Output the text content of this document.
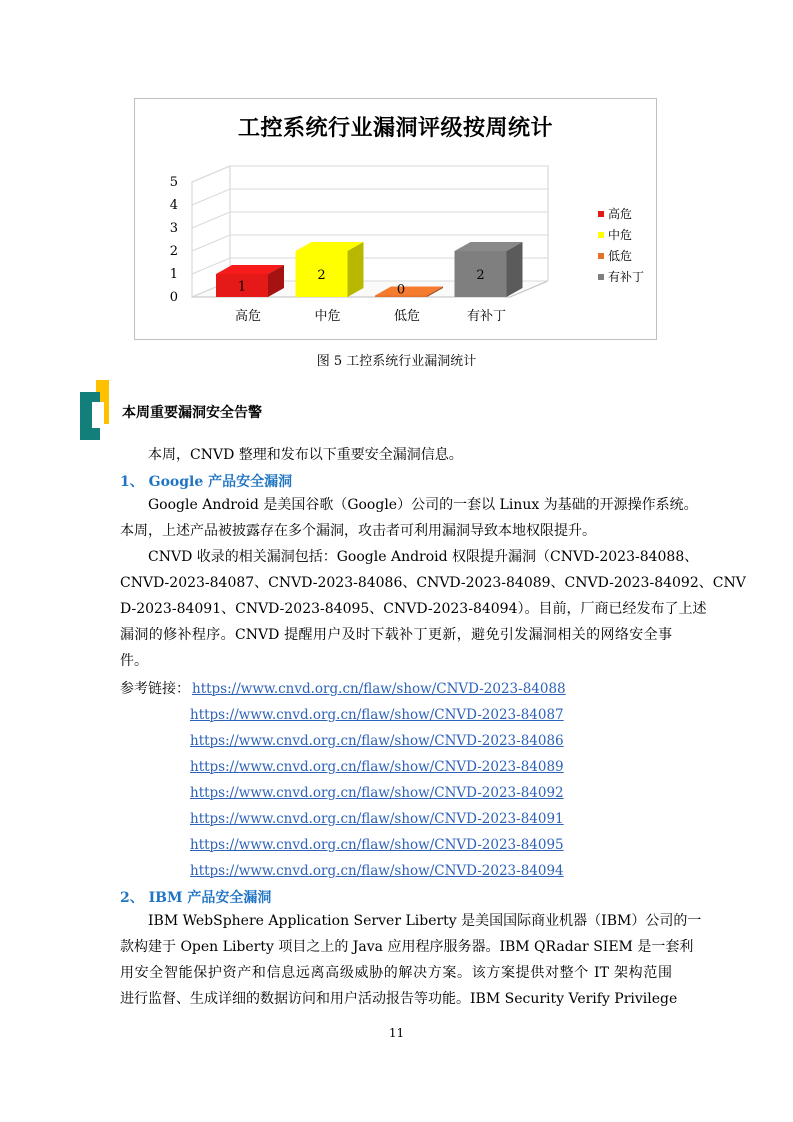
0
1
2
3
4
5
1
高危
2
中危
0
低危
2
有补丁
工控系统行业漏洞评级按周统计
高危
中危
低危
有补丁
图 5 工控系统行业漏洞统计
本周重要漏洞安全告警
本周，CNVD 整理和发布以下重要安全漏洞信息。
1、 Google 产品安全漏洞
Google Android 是美国谷歌（Google）公司的一套以 Linux 为基础的开源操作系统。
本周，上述产品被披露存在多个漏洞，攻击者可利用漏洞导致本地权限提升。
CNVD 收录的相关漏洞包括：Google Android 权限提升漏洞（CNVD-2023-84088、
CNVD-2023-84087、CNVD-2023-84086、CNVD-2023-84089、CNVD-2023-84092、CNV
D-2023-84091、CNVD-2023-84095、CNVD-2023-84094）。目前，厂商已经发布了上述
漏洞的修补程序。CNVD 提醒用户及时下载补丁更新，避免引发漏洞相关的网络安全事
件。
参考链接： https://www.cnvd.org.cn/flaw/show/CNVD-2023-84088
https://www.cnvd.org.cn/flaw/show/CNVD-2023-84087
https://www.cnvd.org.cn/flaw/show/CNVD-2023-84086
https://www.cnvd.org.cn/flaw/show/CNVD-2023-84089
https://www.cnvd.org.cn/flaw/show/CNVD-2023-84092
https://www.cnvd.org.cn/flaw/show/CNVD-2023-84091
https://www.cnvd.org.cn/flaw/show/CNVD-2023-84095
https://www.cnvd.org.cn/flaw/show/CNVD-2023-84094
2、 IBM 产品安全漏洞
IBM WebSphere Application Server Liberty 是美国国际商业机器（IBM）公司的一
款构建于 Open Liberty 项目之上的 Java 应用程序服务器。IBM QRadar SIEM 是一套利
用安全智能保护资产和信息远离高级威胁的解决方案。该方案提供对整个 IT 架构范围
进行监督、生成详细的数据访问和用户活动报告等功能。IBM Security Verify Privilege
11
